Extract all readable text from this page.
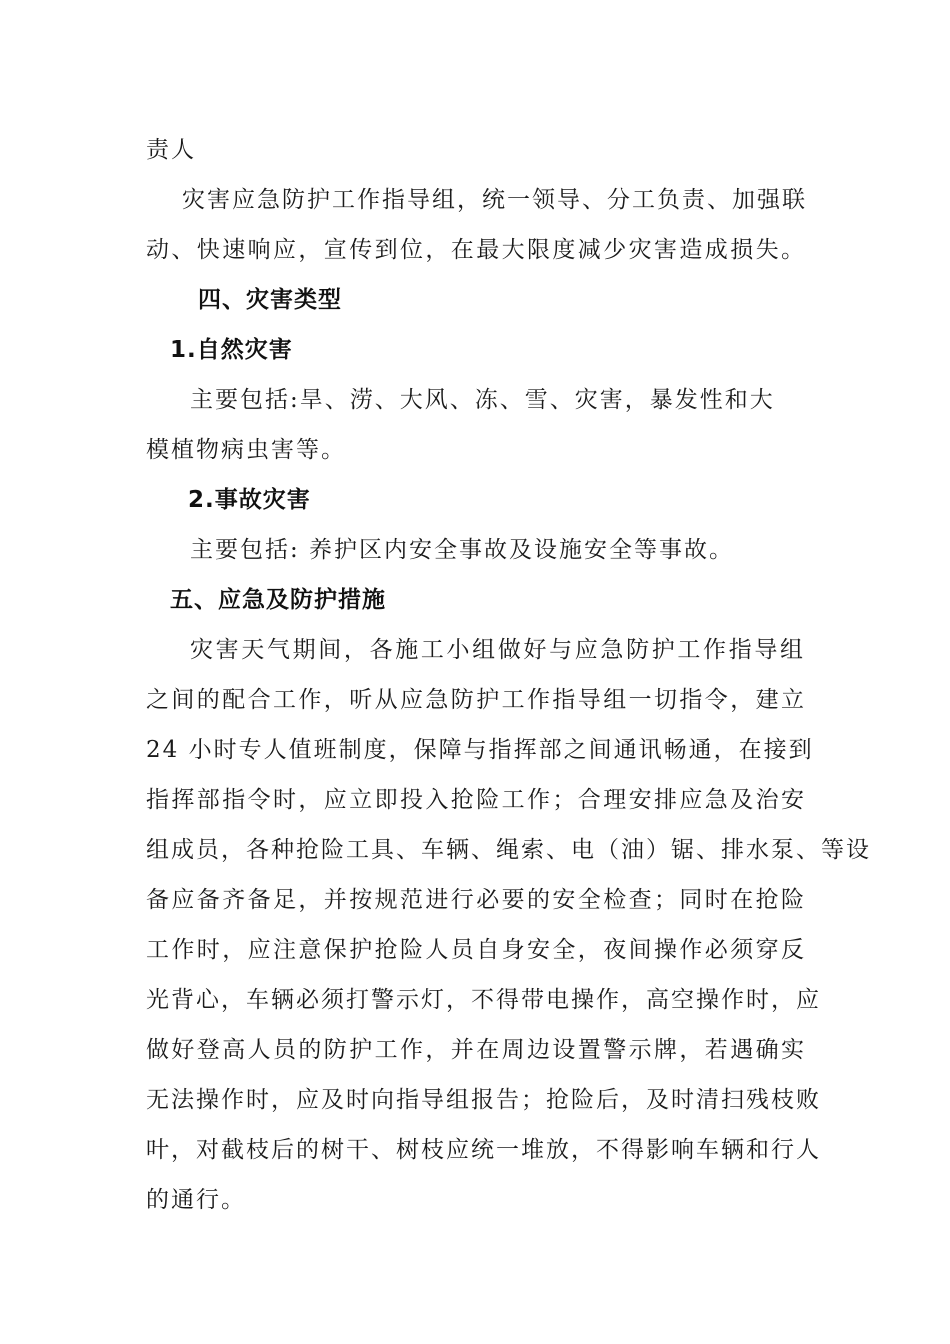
责人
灾害应急防护工作指导组，统一领导、分工负责、加强联
动、快速响应，宣传到位，在最大限度减少灾害造成损失。
四、灾害类型
1.自然灾害
主要包括:旱、涝、大风、冻、雪、灾害，暴发性和大
模植物病虫害等。
2.事故灾害
主要包括: 养护区内安全事故及设施安全等事故。
五、应急及防护措施
灾害天气期间，各施工小组做好与应急防护工作指导组
之间的配合工作，听从应急防护工作指导组一切指令，建立
24 小时专人值班制度，保障与指挥部之间通讯畅通，在接到
指挥部指令时，应立即投入抢险工作；合理安排应急及治安
组成员，各种抢险工具、车辆、绳索、电（油）锯、排水泵、等设
备应备齐备足，并按规范进行必要的安全检查；同时在抢险
工作时，应注意保护抢险人员自身安全，夜间操作必须穿反
光背心，车辆必须打警示灯，不得带电操作，高空操作时，应
做好登高人员的防护工作，并在周边设置警示牌，若遇确实
无法操作时，应及时向指导组报告；抢险后，及时清扫残枝败
叶，对截枝后的树干、树枝应统一堆放，不得影响车辆和行人
的通行。
